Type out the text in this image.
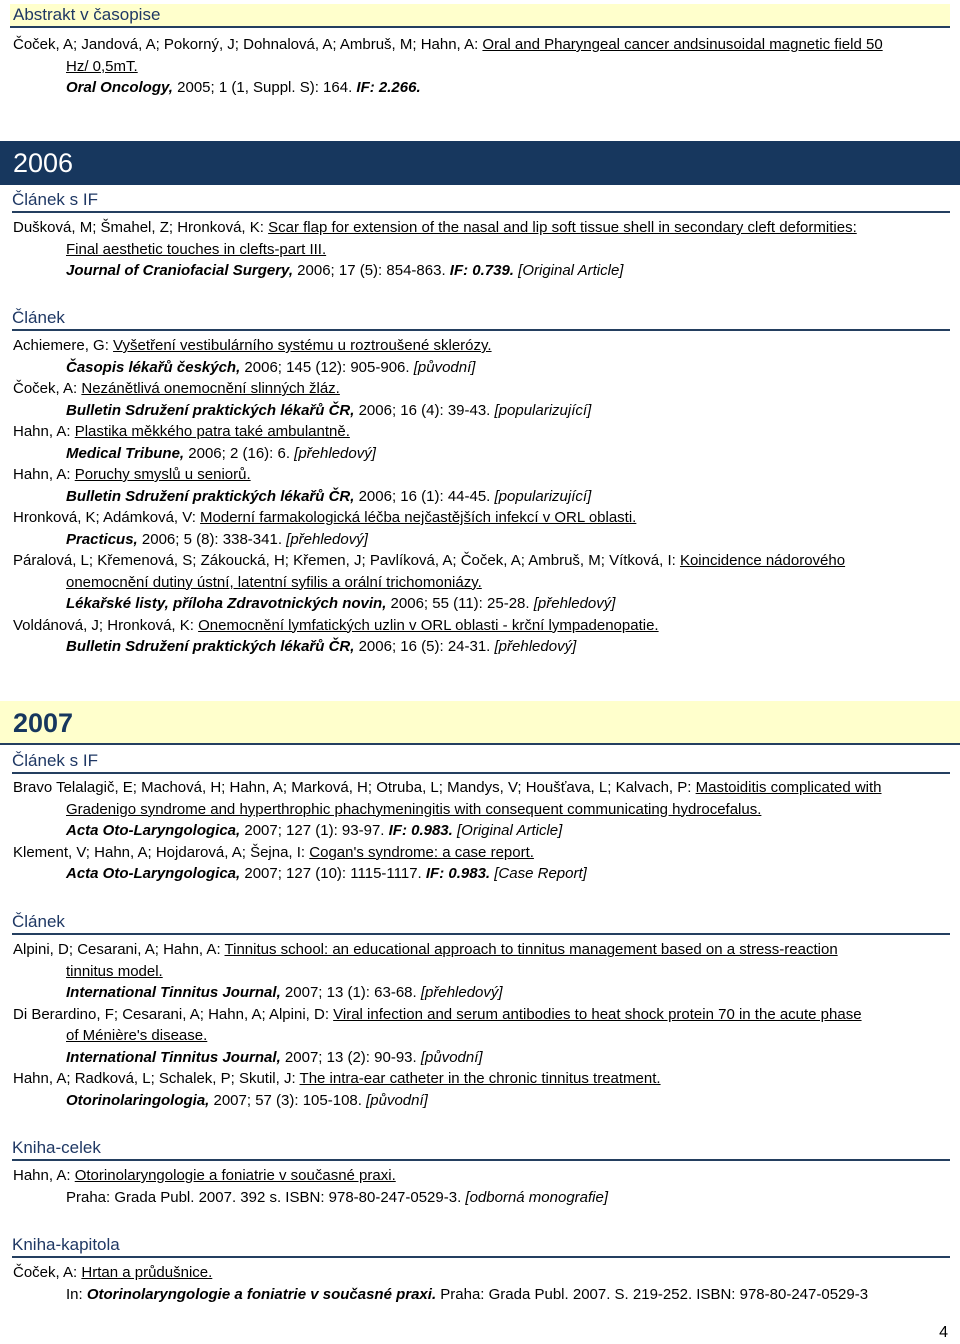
Abstrakt v časopise
Čoček, A; Jandová, A; Pokorný, J; Dohnalová, A; Ambruš, M; Hahn, A: Oral and Pharyngeal cancer andsinusoidal magnetic field 50
Hz/ 0,5mT.
Oral Oncology, 2005; 1 (1, Suppl. S): 164. IF: 2.266.
2006
Článek s IF
Dušková, M; Šmahel, Z; Hronková, K: Scar flap for extension of the nasal and lip soft tissue shell in secondary cleft deformities:
Final aesthetic touches in clefts-part III.
Journal of Craniofacial Surgery, 2006; 17 (5): 854-863. IF: 0.739. [Original Article]
Článek
Achiemere, G: Vyšetření vestibulárního systému u roztroušené sklerózy.
Časopis lékařů českých, 2006; 145 (12): 905-906. [původní]
Čoček, A: Nezánětlivá onemocnění slinných žláz.
Bulletin Sdružení praktických lékařů ČR, 2006; 16 (4): 39-43. [popularizující]
Hahn, A: Plastika měkkého patra také ambulantně.
Medical Tribune, 2006; 2 (16): 6. [přehledový]
Hahn, A: Poruchy smyslů u seniorů.
Bulletin Sdružení praktických lékařů ČR, 2006; 16 (1): 44-45. [popularizující]
Hronková, K; Adámková, V: Moderní farmakologická léčba nejčastějších infekcí v ORL oblasti.
Practicus, 2006; 5 (8): 338-341. [přehledový]
Páralová, L; Křemenová, S; Zákoucká, H; Křemen, J; Pavlíková, A; Čoček, A; Ambruš, M; Vítková, I: Koincidence nádorového
onemocnění dutiny ústní, latentní syfilis a orální trichomoniázy.
Lékařské listy, příloha Zdravotnických novin, 2006; 55 (11): 25-28. [přehledový]
Voldánová, J; Hronková, K: Onemocnění lymfatických uzlin v ORL oblasti - krční lympadenopatie.
Bulletin Sdružení praktických lékařů ČR, 2006; 16 (5): 24-31. [přehledový]
2007
Článek s IF
Bravo Telalagič, E; Machová, H; Hahn, A; Marková, H; Otruba, L; Mandys, V; Houšťava, L; Kalvach, P: Mastoiditis complicated with
Gradenigo syndrome and hyperthrophic phachymeningitis with consequent communicating hydrocefalus.
Acta Oto-Laryngologica, 2007; 127 (1): 93-97. IF: 0.983. [Original Article]
Klement, V; Hahn, A; Hojdarová, A; Šejna, I: Cogan's syndrome: a case report.
Acta Oto-Laryngologica, 2007; 127 (10): 1115-1117. IF: 0.983. [Case Report]
Článek
Alpini, D; Cesarani, A; Hahn, A: Tinnitus school: an educational approach to tinnitus management based on a stress-reaction
tinnitus model.
International Tinnitus Journal, 2007; 13 (1): 63-68. [přehledový]
Di Berardino, F; Cesarani, A; Hahn, A; Alpini, D: Viral infection and serum antibodies to heat shock protein 70 in the acute phase
of Ménière's disease.
International Tinnitus Journal, 2007; 13 (2): 90-93. [původní]
Hahn, A; Radková, L; Schalek, P; Skutil, J: The intra-ear catheter in the chronic tinnitus treatment.
Otorinolaringologia, 2007; 57 (3): 105-108. [původní]
Kniha-celek
Hahn, A: Otorinolaryngologie a foniatrie v současné praxi.
Praha: Grada Publ. 2007. 392 s. ISBN: 978-80-247-0529-3. [odborná monografie]
Kniha-kapitola
Čoček, A: Hrtan a průdušnice.
In: Otorinolaryngologie a foniatrie v současné praxi. Praha: Grada Publ. 2007. S. 219-252. ISBN: 978-80-247-0529-3
4
